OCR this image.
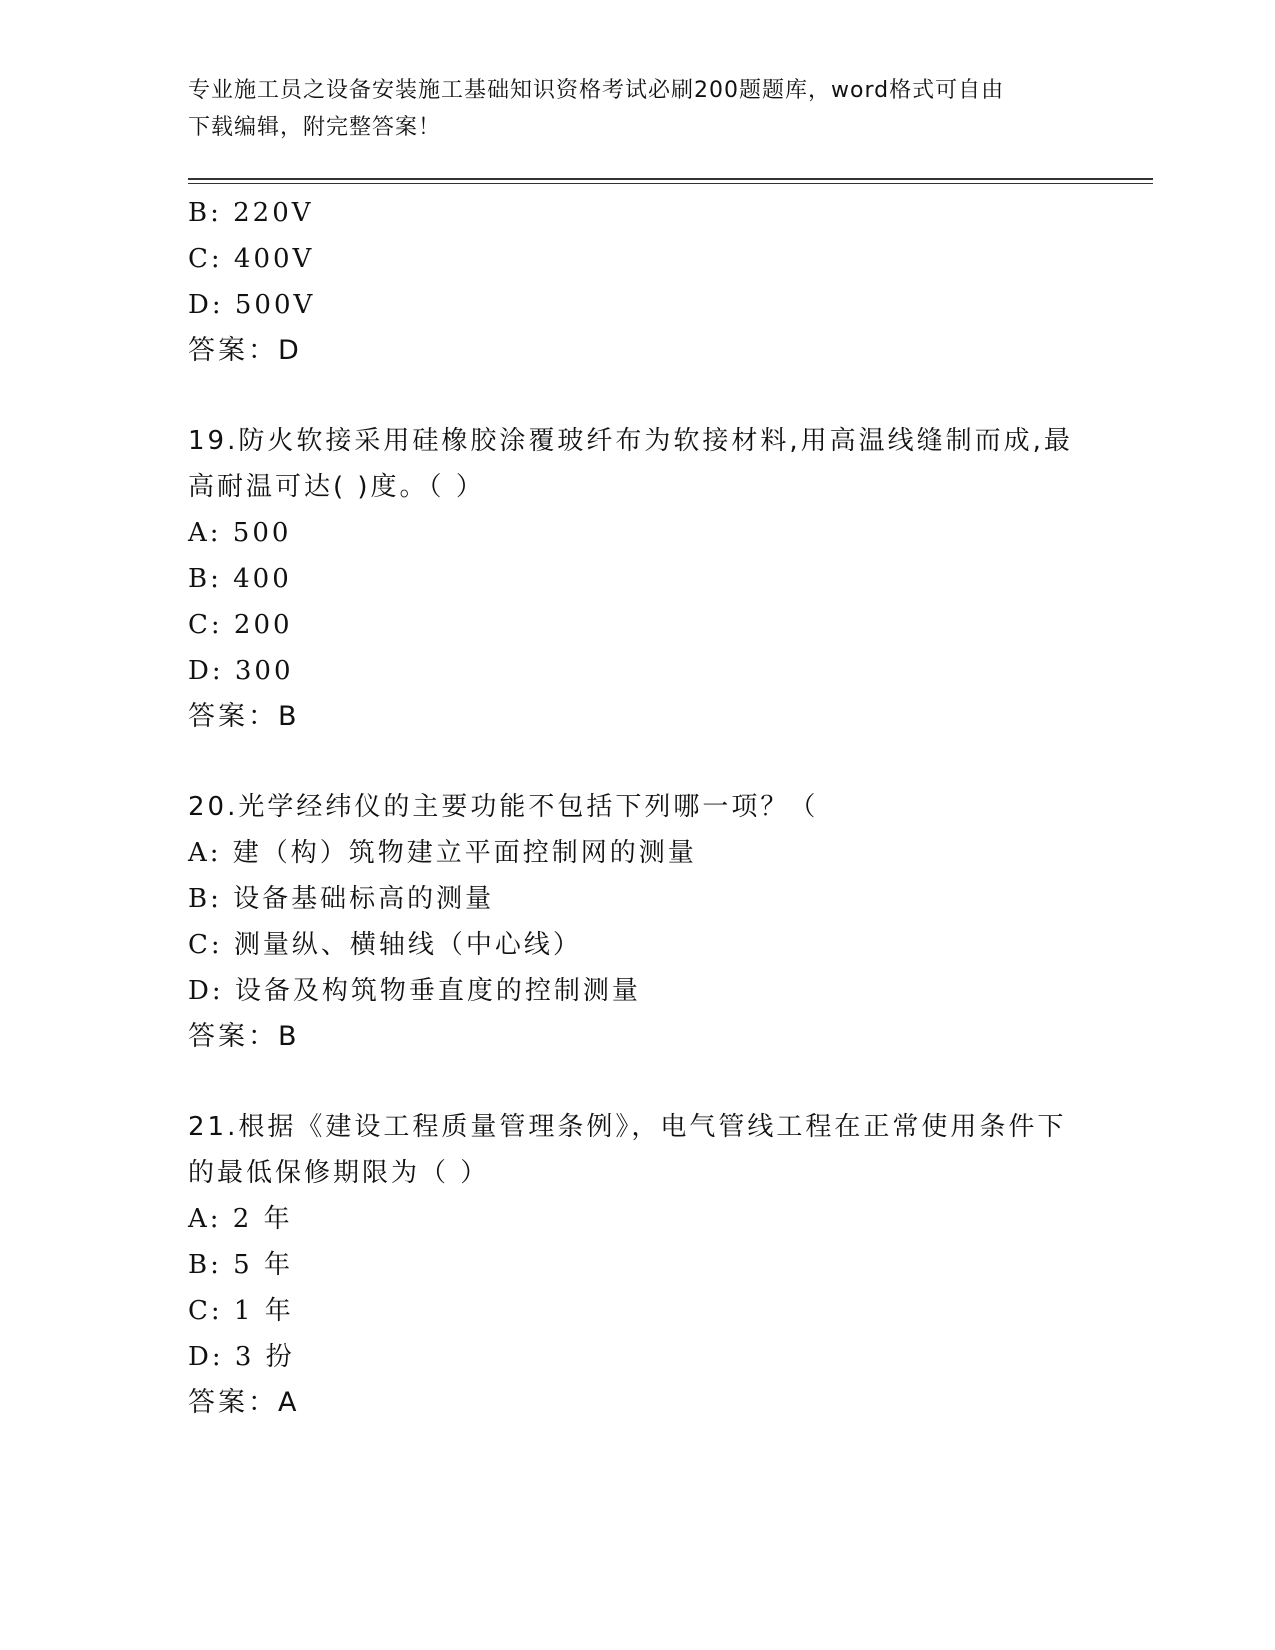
专业施工员之设备安装施工基础知识资格考试必刷200题题库，word格式可自由
下载编辑，附完整答案！
B: 220V
C: 400V
D: 500V
答案：D
19.防火软接采用硅橡胶涂覆玻纤布为软接材料,用高温线缝制而成,最
高耐温可达( )度。（ ）
A: 500
B: 400
C: 200
D: 300
答案：B
20.光学经纬仪的主要功能不包括下列哪一项？（
A: 建（构）筑物建立平面控制网的测量
B: 设备基础标高的测量
C: 测量纵、横轴线（中心线）
D: 设备及构筑物垂直度的控制测量
答案：B
21.根据《建设工程质量管理条例》，电气管线工程在正常使用条件下
的最低保修期限为（ ）
A: 2 年
B: 5 年
C: 1 年
D: 3 扮
答案：A
